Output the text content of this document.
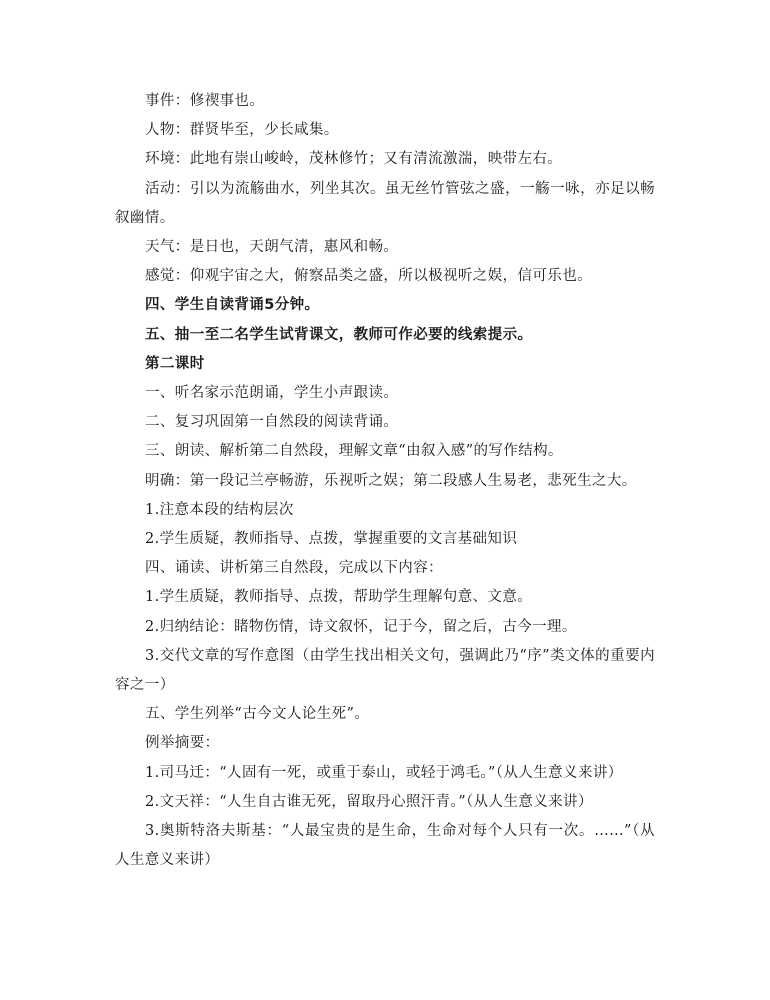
事件：修禊事也。

人物：群贤毕至，少长咸集。

环境：此地有崇山峻岭，茂林修竹；又有清流激湍，映带左右。

活动：引以为流觞曲水，列坐其次。虽无丝竹管弦之盛，一觞一咏，亦足以畅叙幽情。

天气：是日也，天朗气清，惠风和畅。

感觉：仰观宇宙之大，俯察品类之盛，所以极视听之娱，信可乐也。

四、学生自读背诵5分钟。

五、抽一至二名学生试背课文，教师可作必要的线索提示。

第二课时

一、听名家示范朗诵，学生小声跟读。

二、复习巩固第一自然段的阅读背诵。

三、朗读、解析第二自然段，理解文章“由叙入感”的写作结构。

明确：第一段记兰亭畅游，乐视听之娱；第二段感人生易老，悲死生之大。

1.注意本段的结构层次

2.学生质疑，教师指导、点拨，掌握重要的文言基础知识

四、诵读、讲析第三自然段，完成以下内容：

1.学生质疑，教师指导、点拨，帮助学生理解句意、文意。

2.归纳结论：睹物伤情，诗文叙怀，记于今，留之后，古今一理。

3.交代文章的写作意图（由学生找出相关文句，强调此乃“序”类文体的重要内容之一）

五、学生列举“古今文人论生死”。

例举摘要：

1.司马迁：“人固有一死，或重于泰山，或轻于鸿毛。”（从人生意义来讲）

2.文天祥：“人生自古谁无死，留取丹心照汗青。”（从人生意义来讲）

3.奥斯特洛夫斯基：“人最宝贵的是生命，生命对每个人只有一次。……”（从人生意义来讲）
